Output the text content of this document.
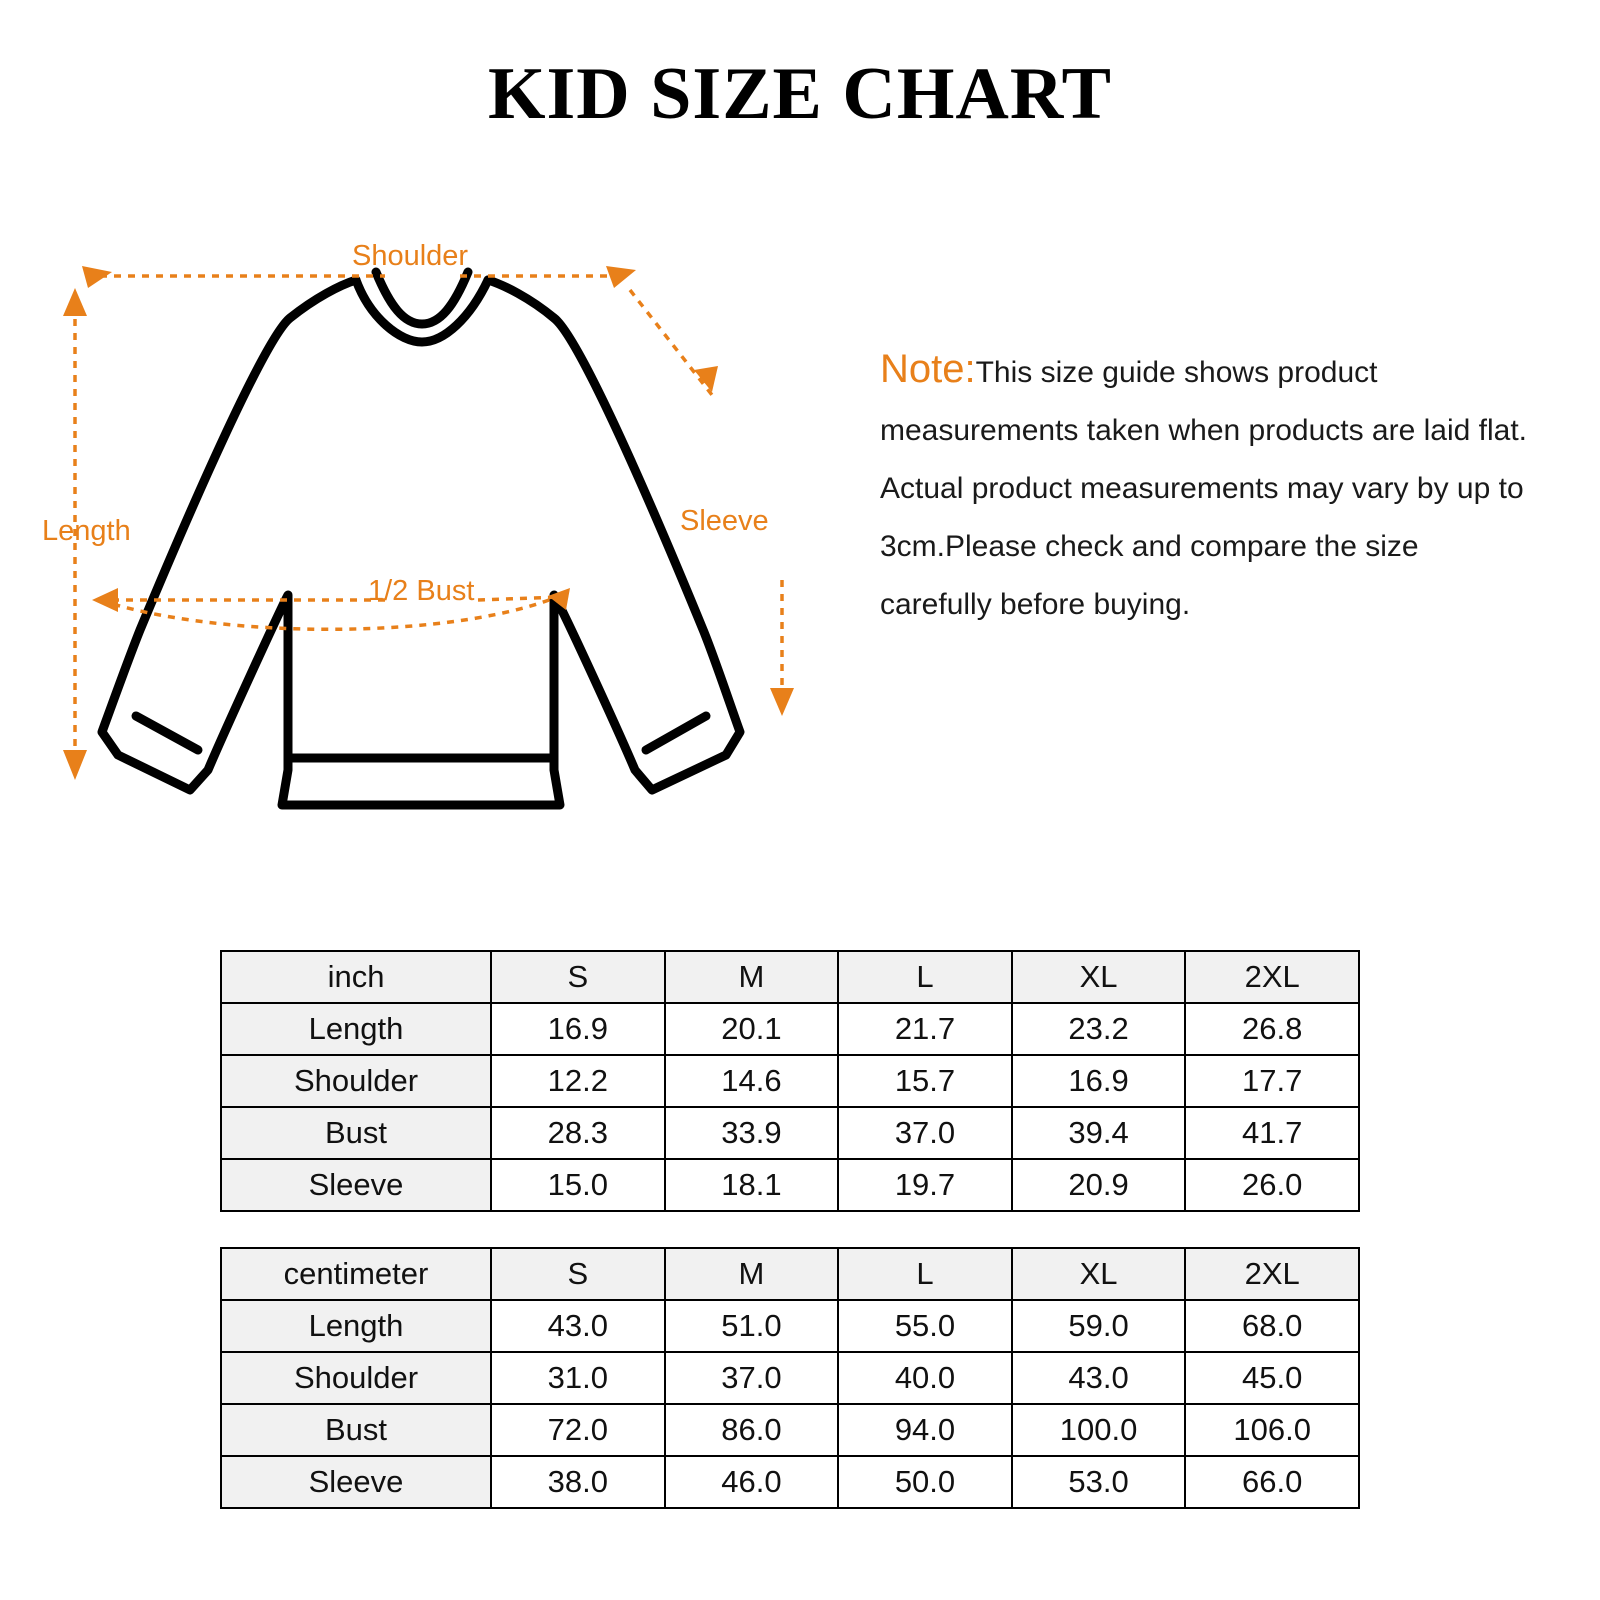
KID SIZE CHART
Shoulder
Sleeve
Length
1/2 Bust

Note:This size guide shows product measurements taken when products are laid flat. Actual product measurements may vary by up to 3cm.Please check and compare the size carefully before buying.

inch	S	M	L	XL	2XL
Length	16.9	20.1	21.7	23.2	26.8
Shoulder	12.2	14.6	15.7	16.9	17.7
Bust	28.3	33.9	37.0	39.4	41.7
Sleeve	15.0	18.1	19.7	20.9	26.0
centimeter	S	M	L	XL	2XL
Length	43.0	51.0	55.0	59.0	68.0
Shoulder	31.0	37.0	40.0	43.0	45.0
Bust	72.0	86.0	94.0	100.0	106.0
Sleeve	38.0	46.0	50.0	53.0	66.0
